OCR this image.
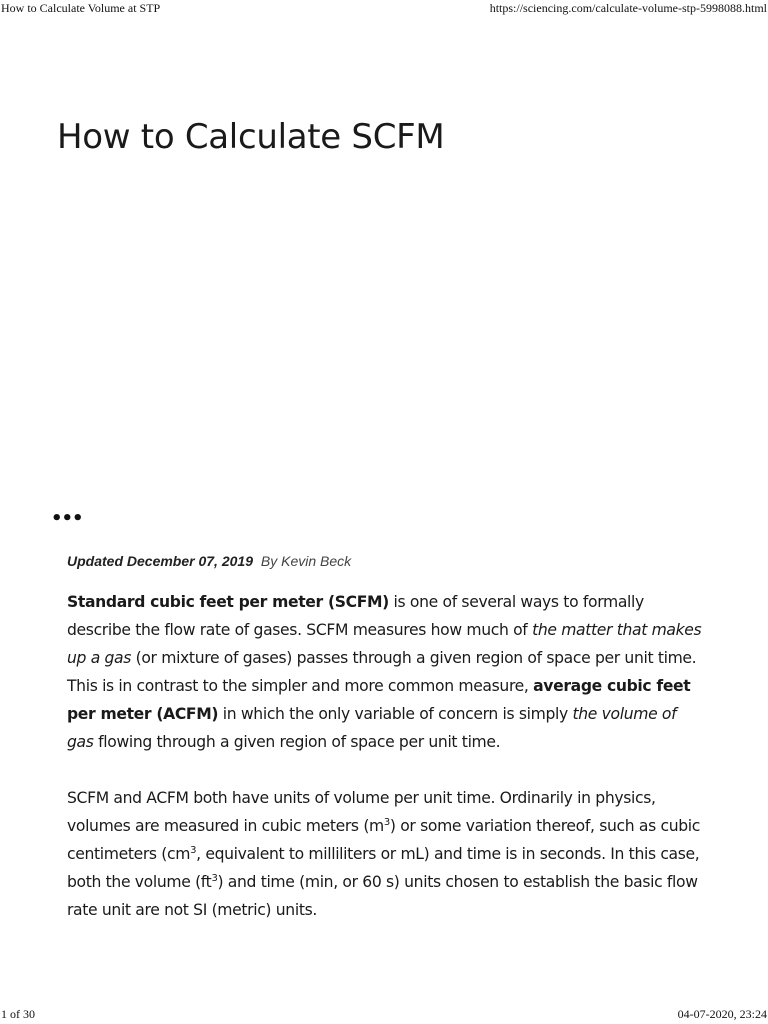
How to Calculate Volume at STP	https://sciencing.com/calculate-volume-stp-5998088.html
How to Calculate SCFM
•••
Updated December 07, 2019 By Kevin Beck

Standard cubic feet per meter (SCFM) is one of several ways to formally describe the flow rate of gases. SCFM measures how much of the matter that makes up a gas (or mixture of gases) passes through a given region of space per unit time. This is in contrast to the simpler and more common measure, average cubic feet per meter (ACFM) in which the only variable of concern is simply the volume of gas flowing through a given region of space per unit time.

SCFM and ACFM both have units of volume per unit time. Ordinarily in physics, volumes are measured in cubic meters $(m^3)$ or some variation thereof, such as cubic centimeters ($cm^3$, equivalent to milliliters or mL) and time is in seconds. In this case, both the volume $(ft^3)$ and time (min, or 60 s) units chosen to establish the basic flow rate unit are not SI (metric) units.

1 of 30	04-07-2020, 23:24
